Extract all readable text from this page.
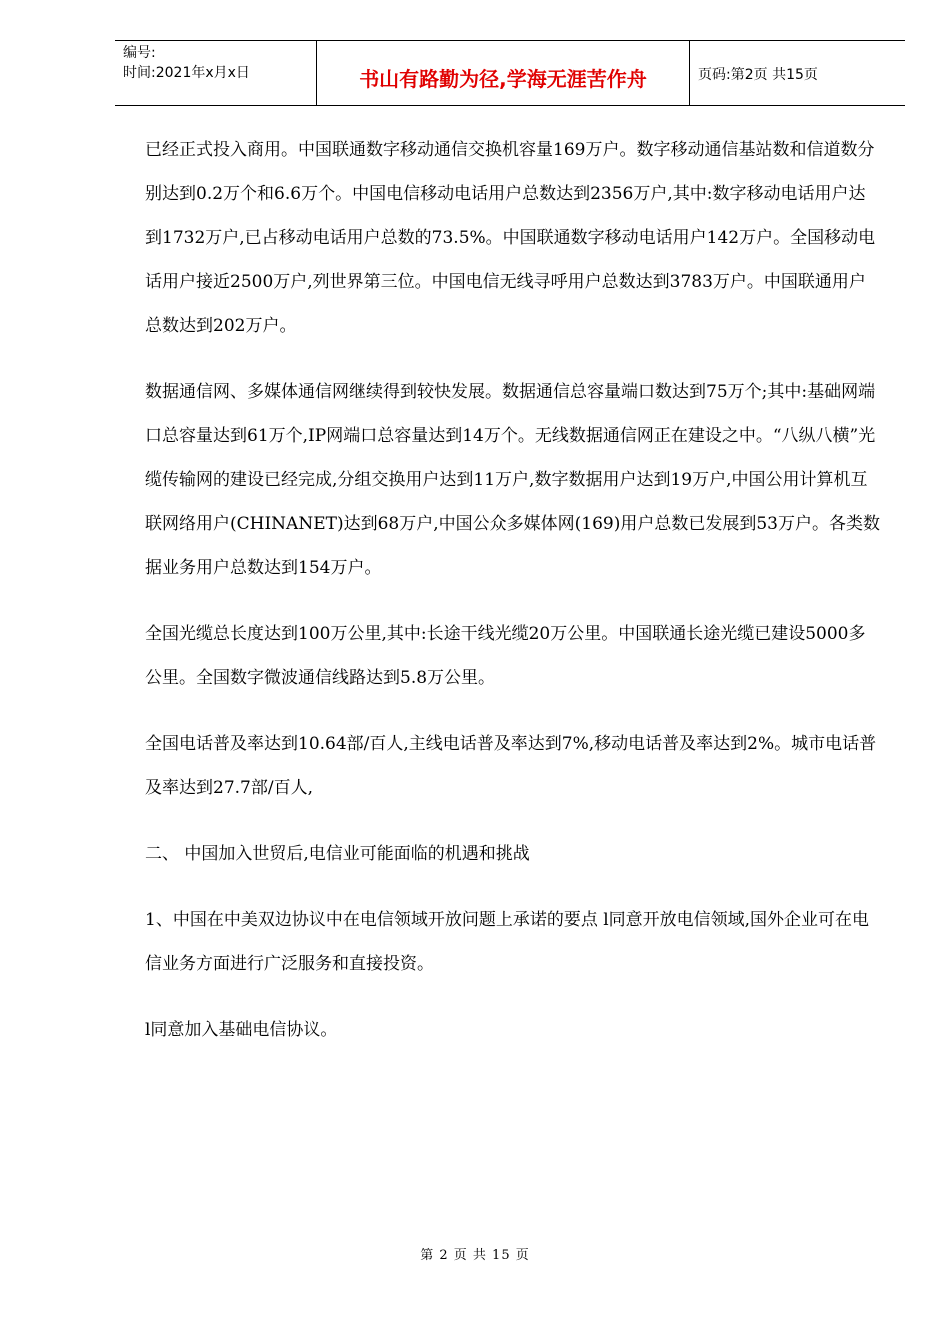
编号:
时间:2021年x月x日	书山有路勤为径,学海无涯苦作舟	页码:第2页 共15页

已经正式投入商用。中国联通数字移动通信交换机容量169万户。数字移动通信基站数和信道数分别达到0.2万个和6.6万个。中国电信移动电话用户总数达到2356万户,其中:数字移动电话用户达到1732万户,已占移动电话用户总数的73.5%。中国联通数字移动电话用户142万户。全国移动电话用户接近2500万户,列世界第三位。中国电信无线寻呼用户总数达到3783万户。中国联通用户总数达到202万户。

数据通信网、多媒体通信网继续得到较快发展。数据通信总容量端口数达到75万个;其中:基础网端口总容量达到61万个,IP网端口总容量达到14万个。无线数据通信网正在建设之中。“八纵八横”光缆传输网的建设已经完成,分组交换用户达到11万户,数字数据用户达到19万户,中国公用计算机互联网络用户(CHINANET)达到68万户,中国公众多媒体网(169)用户总数已发展到53万户。各类数据业务用户总数达到154万户。

全国光缆总长度达到100万公里,其中:长途干线光缆20万公里。中国联通长途光缆已建设5000多公里。全国数字微波通信线路达到5.8万公里。

全国电话普及率达到10.64部/百人,主线电话普及率达到7%,移动电话普及率达到2%。城市电话普及率达到27.7部/百人,

二、 中国加入世贸后,电信业可能面临的机遇和挑战

1、中国在中美双边协议中在电信领域开放问题上承诺的要点 l同意开放电信领域,国外企业可在电信业务方面进行广泛服务和直接投资。

l同意加入基础电信协议。

第 2 页 共 15 页
